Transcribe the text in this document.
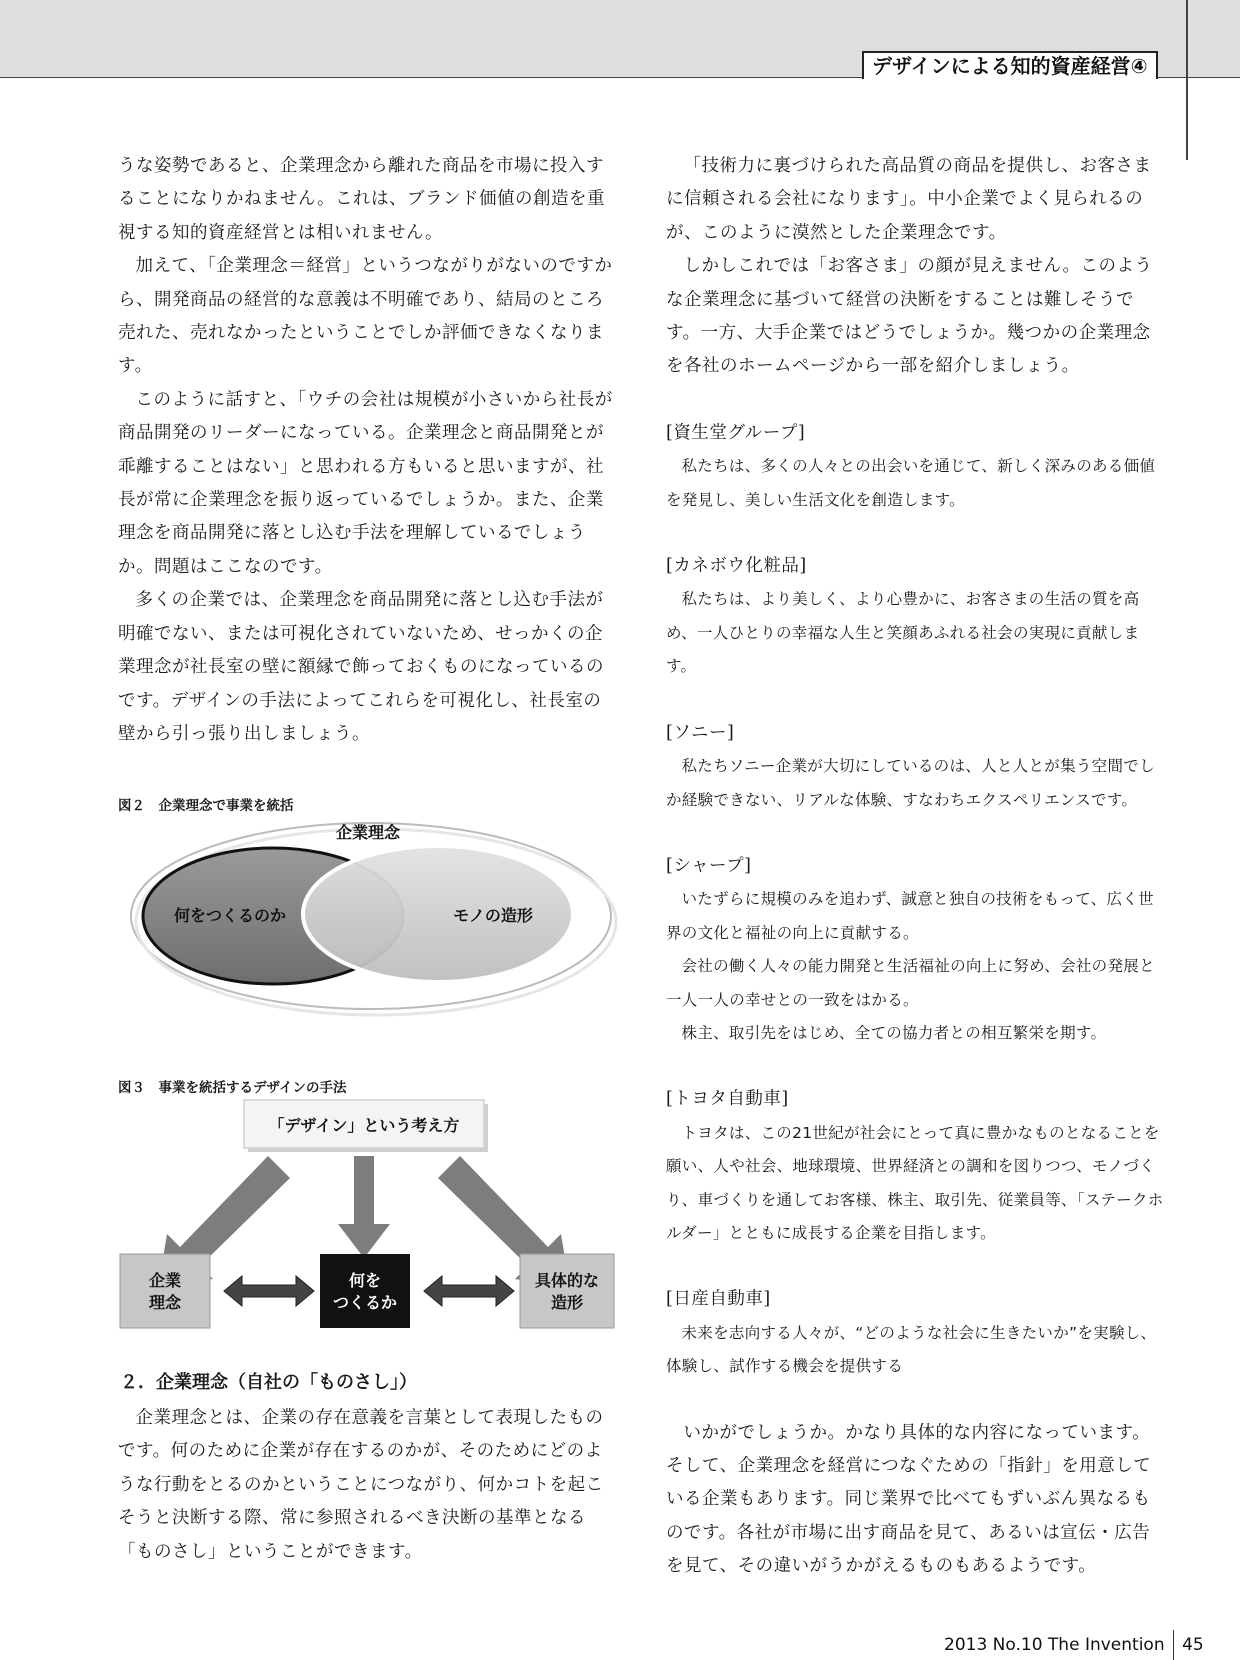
デザインによる知的資産経営④

うな姿勢であると、企業理念から離れた商品を市場に投入することになりかねません。これは、ブランド価値の創造を重視する知的資産経営とは相いれません。

加えて、「企業理念＝経営」というつながりがないのですから、開発商品の経営的な意義は不明確であり、結局のところ売れた、売れなかったということでしか評価できなくなります。

このように話すと、「ウチの会社は規模が小さいから社長が商品開発のリーダーになっている。企業理念と商品開発とが乖離することはない」と思われる方もいると思いますが、社長が常に企業理念を振り返っているでしょうか。また、企業理念を商品開発に落とし込む手法を理解しているでしょうか。問題はここなのです。

多くの企業では、企業理念を商品開発に落とし込む手法が明確でない、または可視化されていないため、せっかくの企業理念が社長室の壁に額縁で飾っておくものになっているのです。デザインの手法によってこれらを可視化し、社長室の壁から引っ張り出しましょう。

図２　企業理念で事業を統括
企業理念
何をつくるのか	モノの造形
図３　事業を統括するデザインの手法
「デザイン」という考え方
企業
理念
何を
つくるか
具体的な
造形
２．企業理念（自社の「ものさし」）

企業理念とは、企業の存在意義を言葉として表現したものです。何のために企業が存在するのかが、そのためにどのような行動をとるのかということにつながり、何かコトを起こそうと決断する際、常に参照されるべき決断の基準となる「ものさし」ということができます。

「技術力に裏づけられた高品質の商品を提供し、お客さまに信頼される会社になります」。中小企業でよく見られるのが、このように漠然とした企業理念です。

しかしこれでは「お客さま」の顔が見えません。このような企業理念に基づいて経営の決断をすることは難しそうです。一方、大手企業ではどうでしょうか。幾つかの企業理念を各社のホームページから一部を紹介しましょう。

[資生堂グループ]

私たちは、多くの人々との出会いを通じて、新しく深みのある価値を発見し、美しい生活文化を創造します。

[カネボウ化粧品]

私たちは、より美しく、より心豊かに、お客さまの生活の質を高め、一人ひとりの幸福な人生と笑顔あふれる社会の実現に貢献します。

[ソニー]

私たちソニー企業が大切にしているのは、人と人とが集う空間でしか経験できない、リアルな体験、すなわちエクスペリエンスです。

[シャープ]

いたずらに規模のみを追わず、誠意と独自の技術をもって、広く世界の文化と福祉の向上に貢献する。

会社の働く人々の能力開発と生活福祉の向上に努め、会社の発展と一人一人の幸せとの一致をはかる。

株主、取引先をはじめ、全ての協力者との相互繁栄を期す。

[トヨタ自動車]

トヨタは、この21世紀が社会にとって真に豊かなものとなることを願い、人や社会、地球環境、世界経済との調和を図りつつ、モノづくり、車づくりを通してお客様、株主、取引先、従業員等、「ステークホルダー」とともに成長する企業を目指します。

[日産自動車]

未来を志向する人々が、“どのような社会に生きたいか”を実験し、体験し、試作する機会を提供する

いかがでしょうか。かなり具体的な内容になっています。そして、企業理念を経営につなぐための「指針」を用意している企業もあります。同じ業界で比べてもずいぶん異なるものです。各社が市場に出す商品を見て、あるいは宣伝・広告を見て、その違いがうかがえるものもあるようです。

2013 No.10 The Invention 45
